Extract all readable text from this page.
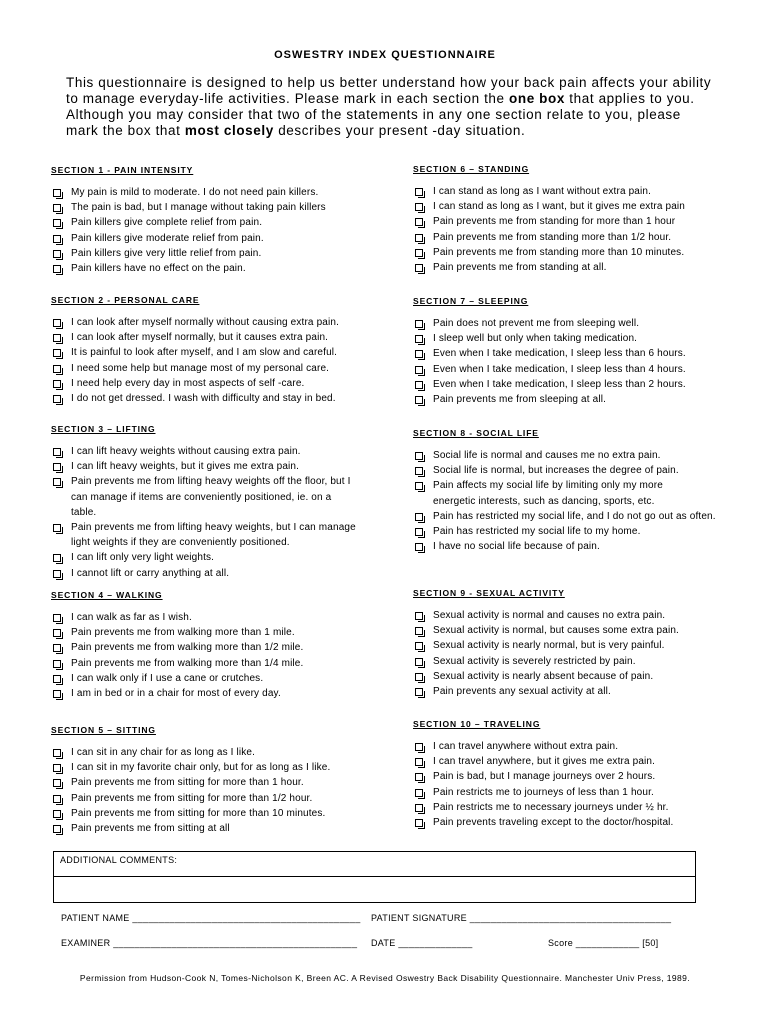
OSWESTRY INDEX QUESTIONNAIRE
This questionnaire is designed to help us better understand how your back pain affects your ability to manage everyday-life activities. Please mark in each section the one box that applies to you. Although you may consider that two of the statements in any one section relate to you, please mark the box that most closely describes your present -day situation.
SECTION 1 - PAIN INTENSITY
My pain is mild to moderate. I do not need pain killers.
The pain is bad, but I manage without taking pain killers
Pain killers give complete relief from pain.
Pain killers give moderate relief from pain.
Pain killers give very little relief from pain.
Pain killers have no effect on the pain.
SECTION 2 - PERSONAL CARE
I can look after myself normally without causing extra pain.
I can look after myself normally, but it causes extra pain.
It is painful to look after myself, and I am slow and careful.
I need some help but manage most of my personal care.
I need help every day in most aspects of self -care.
I do not get dressed. I wash with difficulty and stay in bed.
SECTION 3 – LIFTING
I can lift heavy weights without causing extra pain.
I can lift heavy weights, but it gives me extra pain.
Pain prevents me from lifting heavy weights off the floor, but I can manage if items are conveniently positioned, ie. on a table.
Pain prevents me from lifting heavy weights, but I can manage light weights if they are conveniently positioned.
I can lift only very light weights.
I cannot lift or carry anything at all.
SECTION 4 – WALKING
I can walk as far as I wish.
Pain prevents me from walking more than 1 mile.
Pain prevents me from walking more than 1/2 mile.
Pain prevents me from walking more than 1/4 mile.
I can walk only if I use a cane or crutches.
I am in bed or in a chair for most of every day.
SECTION 5 – SITTING
I can sit in any chair for as long as I like.
I can sit in my favorite chair only, but for as long as I like.
Pain prevents me from sitting for more than 1 hour.
Pain prevents me from sitting for more than 1/2 hour.
Pain prevents me from sitting for more than 10 minutes.
Pain prevents me from sitting at all
SECTION 6 – STANDING
I can stand as long as I want without extra pain.
I can stand as long as I want, but it gives me extra pain
Pain prevents me from standing for more than 1 hour
Pain prevents me from standing more than 1/2 hour.
Pain prevents me from standing more than 10 minutes.
Pain prevents me from standing at all.
SECTION 7 – SLEEPING
Pain does not prevent me from sleeping well.
I sleep well but only when taking medication.
Even when I take medication, I sleep less than 6 hours.
Even when I take medication, I sleep less than 4 hours.
Even when I take medication, I sleep less than 2 hours.
Pain prevents me from sleeping at all.
SECTION 8 - SOCIAL LIFE
Social life is normal and causes me no extra pain.
Social life is normal, but increases the degree of pain.
Pain affects my social life by limiting only my more energetic interests, such as dancing, sports, etc.
Pain has restricted my social life, and I do not go out as often.
Pain has restricted my social life to my home.
I have no social life because of pain.
SECTION 9 - SEXUAL ACTIVITY
Sexual activity is normal and causes no extra pain.
Sexual activity is normal, but causes some extra pain.
Sexual activity is nearly normal, but is very painful.
Sexual activity is severely restricted by pain.
Sexual activity is nearly absent because of pain.
Pain prevents any sexual activity at all.
SECTION 10 – TRAVELING
I can travel anywhere without extra pain.
I can travel anywhere, but it gives me extra pain.
Pain is bad, but I manage journeys over 2 hours.
Pain restricts me to journeys of less than 1 hour.
Pain restricts me to necessary journeys under ½ hr.
Pain prevents traveling except to the doctor/hospital.
ADDITIONAL COMMENTS:
PATIENT NAME ___________________________________________ PATIENT SIGNATURE ______________________________________
EXAMINER ______________________________________________ DATE ______________	Score ____________ [50]
Permission from Hudson-Cook N, Tomes-Nicholson K, Breen AC. A Revised Oswestry Back Disability Questionnaire. Manchester Univ Press, 1989.
